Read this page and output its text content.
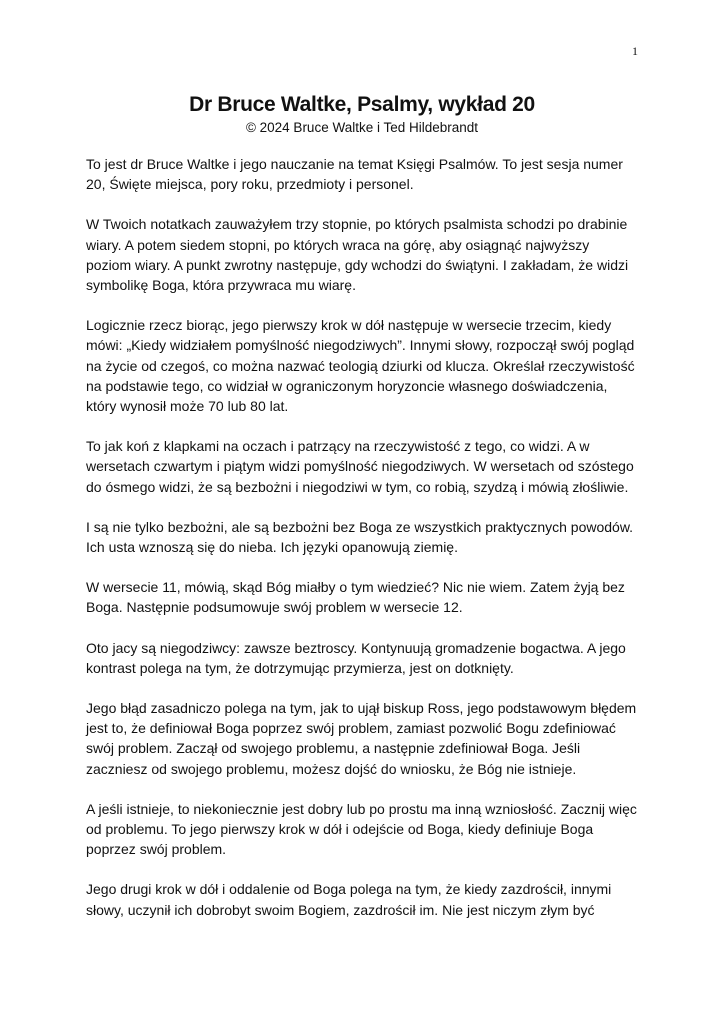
1
Dr Bruce Waltke, Psalmy, wykład 20

© 2024 Bruce Waltke i Ted Hildebrandt

To jest dr Bruce Waltke i jego nauczanie na temat Księgi Psalmów. To jest sesja numer 20, Święte miejsca, pory roku, przedmioty i personel.

W Twoich notatkach zauważyłem trzy stopnie, po których psalmista schodzi po drabinie wiary. A potem siedem stopni, po których wraca na górę, aby osiągnąć najwyższy poziom wiary. A punkt zwrotny następuje, gdy wchodzi do świątyni. I zakładam, że widzi symbolikę Boga, która przywraca mu wiarę.

Logicznie rzecz biorąc, jego pierwszy krok w dół następuje w wersecie trzecim, kiedy mówi: „Kiedy widziałem pomyślność niegodziwych”. Innymi słowy, rozpoczął swój pogląd na życie od czegoś, co można nazwać teologią dziurki od klucza. Określał rzeczywistość na podstawie tego, co widział w ograniczonym horyzoncie własnego doświadczenia, który wynosił może 70 lub 80 lat.

To jak koń z klapkami na oczach i patrzący na rzeczywistość z tego, co widzi. A w wersetach czwartym i piątym widzi pomyślność niegodziwych. W wersetach od szóstego do ósmego widzi, że są bezbożni i niegodziwi w tym, co robią, szydzą i mówią złośliwie.

I są nie tylko bezbożni, ale są bezbożni bez Boga ze wszystkich praktycznych powodów. Ich usta wznoszą się do nieba. Ich języki opanowują ziemię.

W wersecie 11, mówią, skąd Bóg miałby o tym wiedzieć? Nic nie wiem. Zatem żyją bez Boga. Następnie podsumowuje swój problem w wersecie 12.

Oto jacy są niegodziwcy: zawsze beztroscy. Kontynuują gromadzenie bogactwa. A jego kontrast polega na tym, że dotrzymując przymierza, jest on dotknięty.

Jego błąd zasadniczo polega na tym, jak to ujął biskup Ross, jego podstawowym błędem jest to, że definiował Boga poprzez swój problem, zamiast pozwolić Bogu zdefiniować swój problem. Zaczął od swojego problemu, a następnie zdefiniował Boga. Jeśli zaczniesz od swojego problemu, możesz dojść do wniosku, że Bóg nie istnieje.

A jeśli istnieje, to niekoniecznie jest dobry lub po prostu ma inną wzniosłość. Zacznij więc od problemu. To jego pierwszy krok w dół i odejście od Boga, kiedy definiuje Boga poprzez swój problem.

Jego drugi krok w dół i oddalenie od Boga polega na tym, że kiedy zazdrościł, innymi słowy, uczynił ich dobrobyt swoim Bogiem, zazdrościł im. Nie jest niczym złym być
